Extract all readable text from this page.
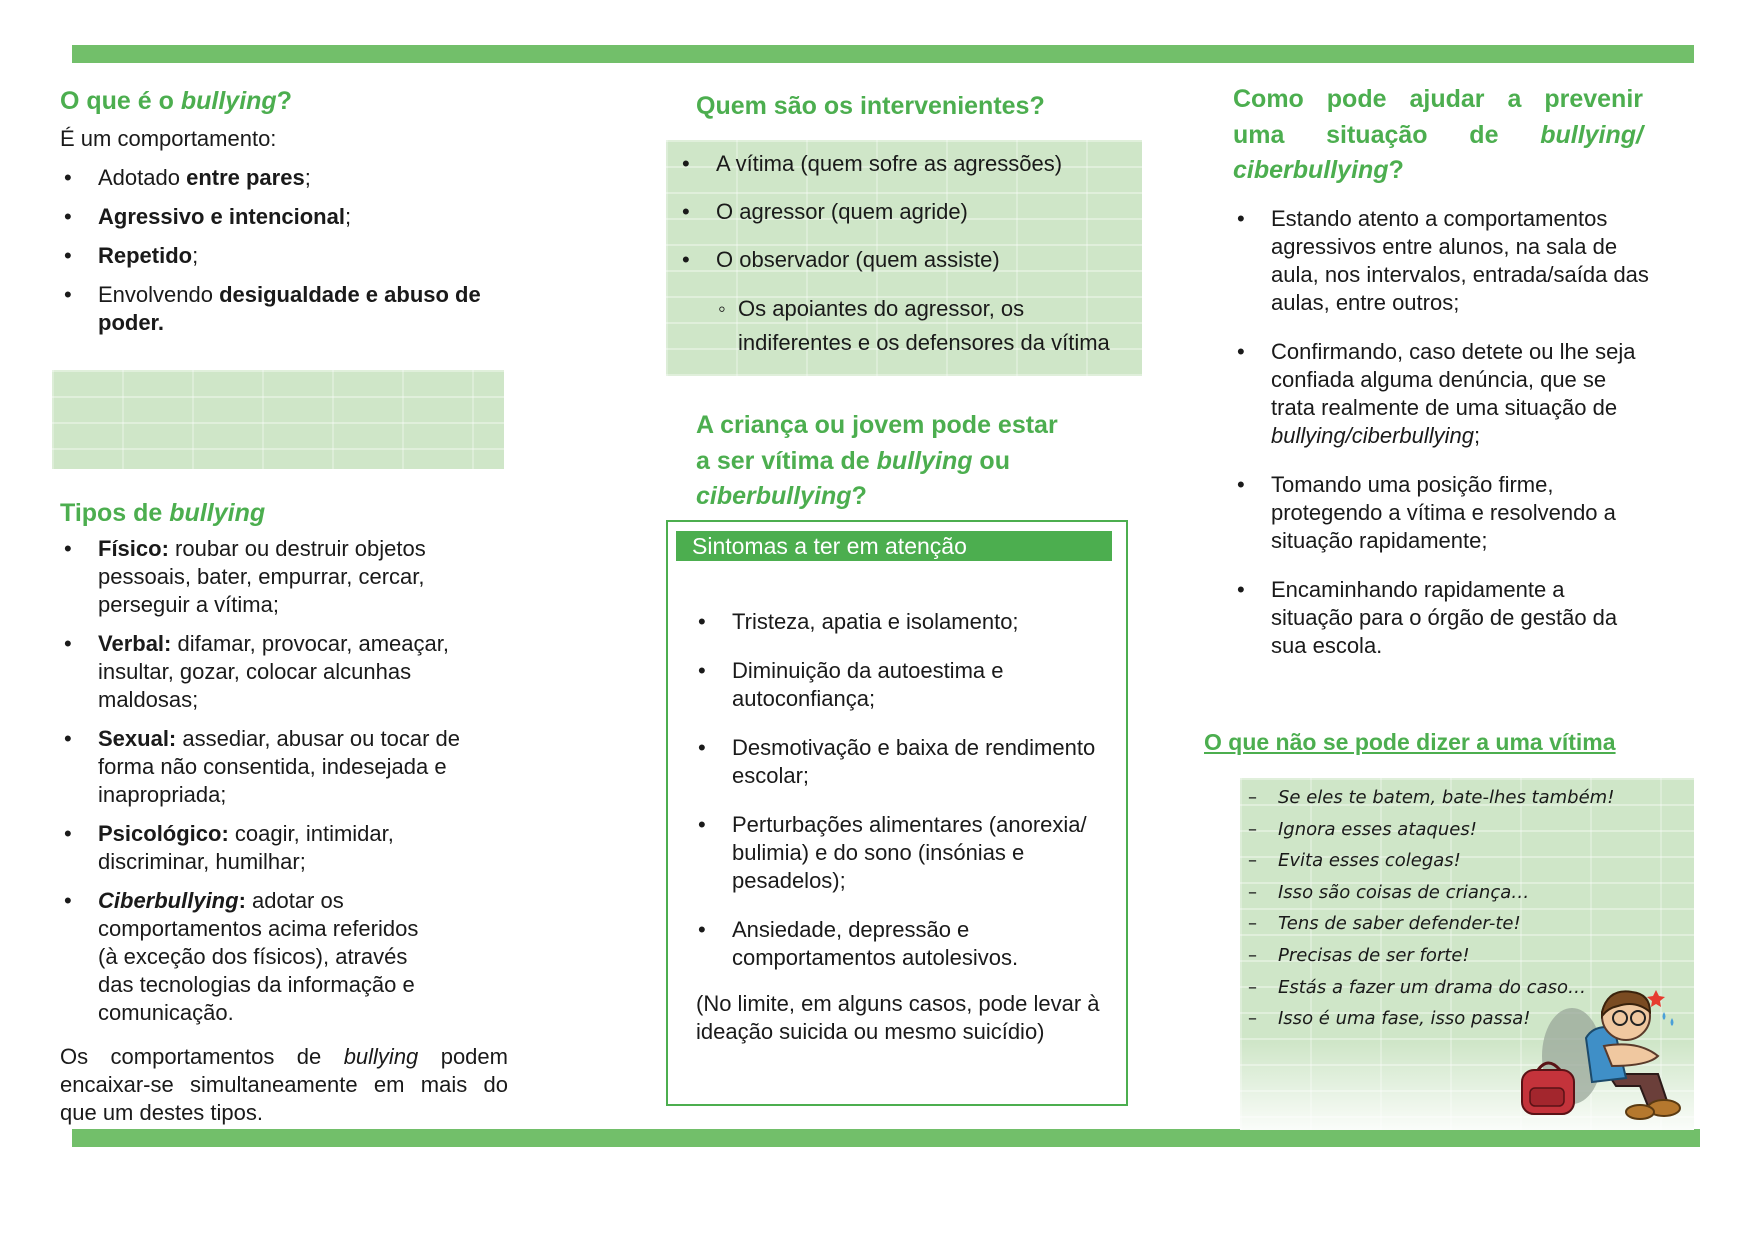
O que é o bullying?
É um comportamento:
• Adotado entre pares;
• Agressivo e intencional;
• Repetido;
• Envolvendo desigualdade e abuso de poder.
Tipos de bullying
• Físico: roubar ou destruir objetos pessoais, bater, empurrar, cercar, perseguir a vítima;
• Verbal: difamar, provocar, ameaçar, insultar, gozar, colocar alcunhas maldosas;
• Sexual: assediar, abusar ou tocar de forma não consentida, indesejada e inapropriada;
• Psicológico: coagir, intimidar, discriminar, humilhar;
• Ciberbullying: adotar os comportamentos acima referidos (à exceção dos físicos), através das tecnologias da informação e comunicação.
Os comportamentos de bullying podem encaixar-se simultaneamente em mais do que um destes tipos.
Quem são os intervenientes?
• A vítima (quem sofre as agressões)
• O agressor (quem agride)
• O observador (quem assiste)
◦ Os apoiantes do agressor, os indiferentes e os defensores da vítima
A criança ou jovem pode estar
a ser vítima de bullying ou
ciberbullying?
Sintomas a ter em atenção
• Tristeza, apatia e isolamento;
• Diminuição da autoestima e autoconfiança;
• Desmotivação e baixa de rendimento escolar;
• Perturbações alimentares (anorexia/ bulimia) e do sono (insónias e pesadelos);
• Ansiedade, depressão e comportamentos autolesivos.
(No limite, em alguns casos, pode levar à ideação suicida ou mesmo suicídio)
Como pode ajudar a prevenir
uma situação de bullying/
ciberbullying?
• Estando atento a comportamentos agressivos entre alunos, na sala de aula, nos intervalos, entrada/saída das aulas, entre outros;
• Confirmando, caso detete ou lhe seja confiada alguma denúncia, que se trata realmente de uma situação de bullying/ciberbullying;
• Tomando uma posição firme, protegendo a vítima e resolvendo a situação rapidamente;
• Encaminhando rapidamente a situação para o órgão de gestão da sua escola.
O que não se pode dizer a uma vítima
– Se eles te batem, bate-lhes também!
– Ignora esses ataques!
– Evita esses colegas!
– Isso são coisas de criança…
– Tens de saber defender-te!
– Precisas de ser forte!
– Estás a fazer um drama do caso…
– Isso é uma fase, isso passa!
